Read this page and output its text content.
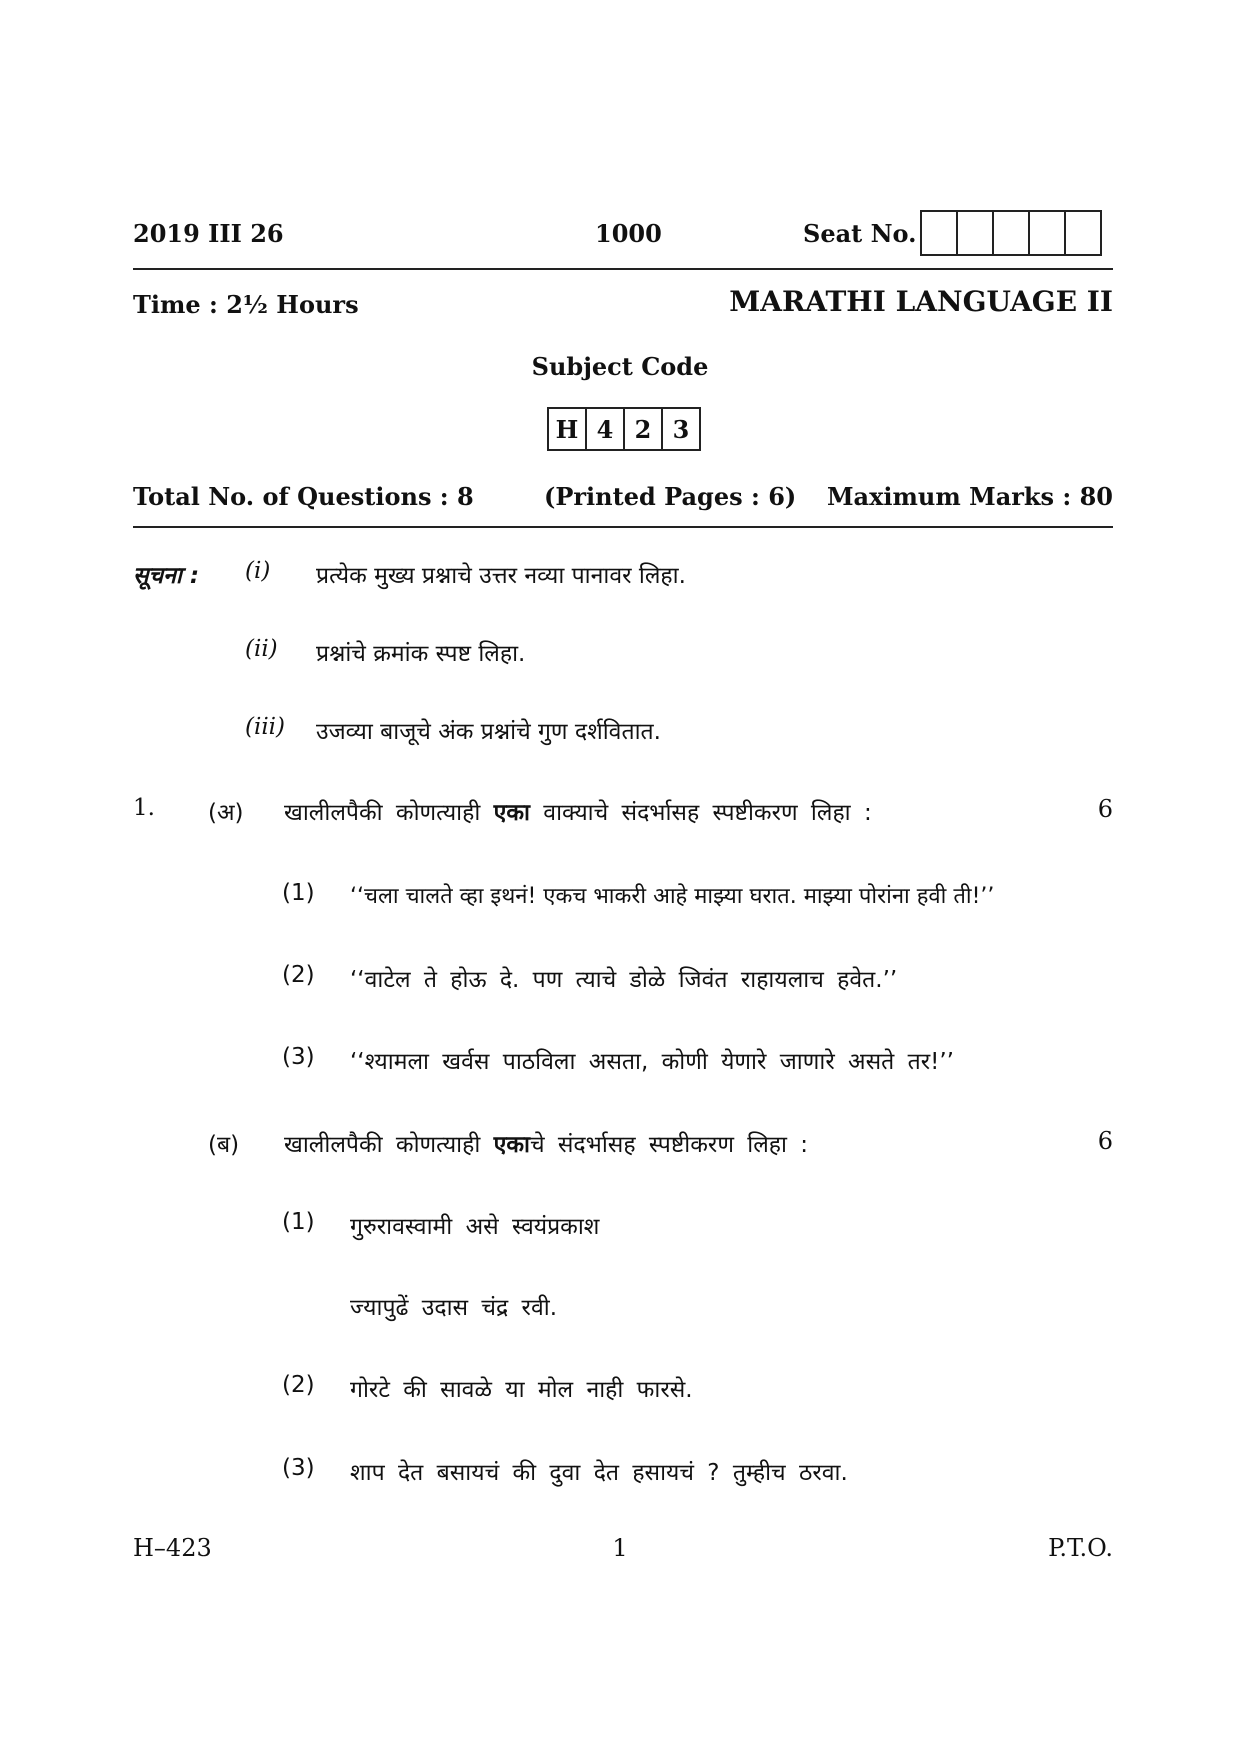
2019 III 26	1000	Seat No.
Time : 2½ Hours	MARATHI LANGUAGE II
Subject Code
H 4 2 3
Total No. of Questions : 8	(Printed Pages : 6) Maximum Marks : 80
सूचना : (i) प्रत्येक मुख्य प्रश्नाचे उत्तर नव्या पानावर लिहा.
(ii) प्रश्नांचे क्रमांक स्पष्ट लिहा.
(iii) उजव्या बाजूचे अंक प्रश्नांचे गुण दर्शवितात.
1. (अ) खालीलपैकी कोणत्याही एका वाक्याचे संदर्भासह स्पष्टीकरण लिहा :	6
(1) ‘‘चला चालते व्हा इथनं! एकच भाकरी आहे माझ्या घरात. माझ्या पोरांना हवी ती!’’
(2) ‘‘वाटेल ते होऊ दे. पण त्याचे डोळे जिवंत राहायलाच हवेत.’’
(3) ‘‘श्यामला खर्वस पाठविला असता, कोणी येणारे जाणारे असते तर!’’
(ब) खालीलपैकी कोणत्याही एकाचे संदर्भासह स्पष्टीकरण लिहा :	6
(1) गुरुरावस्वामी असे स्वयंप्रकाश
ज्यापुढें उदास चंद्र रवी.
(2) गोरटे की सावळे या मोल नाही फारसे.
(3) शाप देत बसायचं की दुवा देत हसायचं ? तुम्हीच ठरवा.
H–423	1	P.T.O.
